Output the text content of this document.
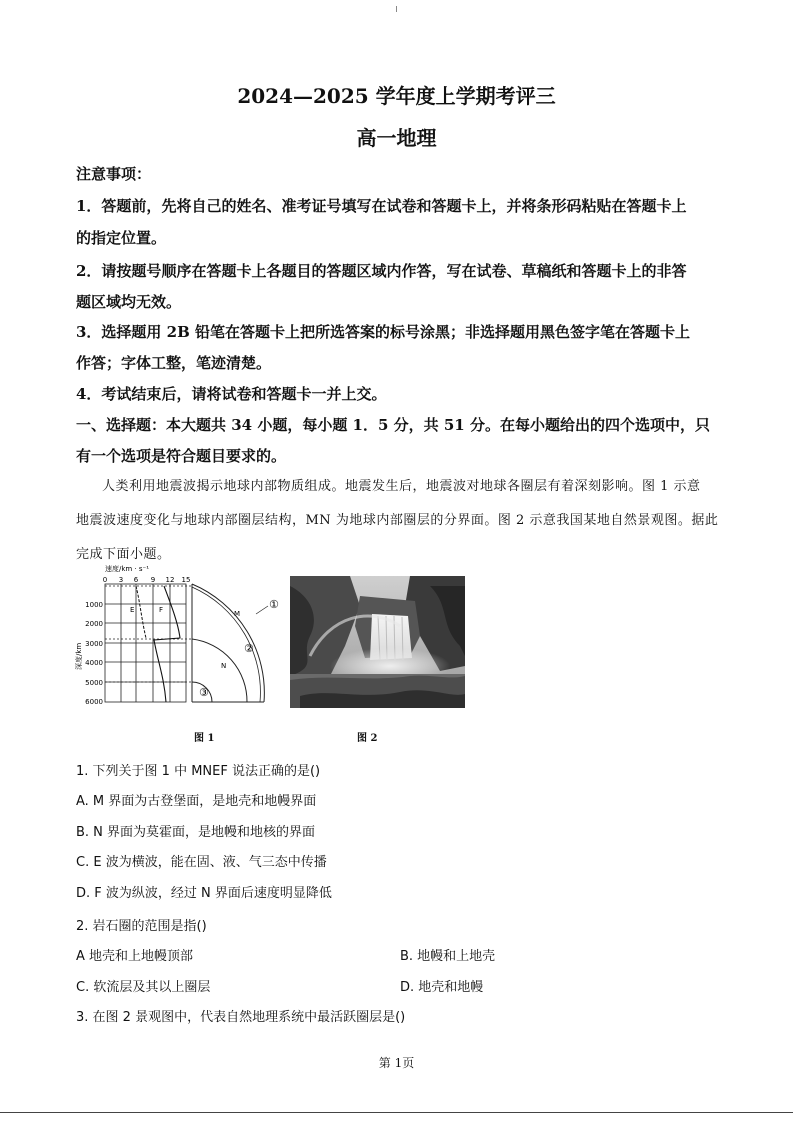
2024—2025 学年度上学期考评三
高一地理
注意事项：
1．答题前，先将自己的姓名、准考证号填写在试卷和答题卡上，并将条形码粘贴在答题卡上
的指定位置。
2．请按题号顺序在答题卡上各题目的答题区域内作答，写在试卷、草稿纸和答题卡上的非答
题区域均无效。
3．选择题用 2B 铅笔在答题卡上把所选答案的标号涂黑；非选择题用黑色签字笔在答题卡上
作答；字体工整，笔迹清楚。
4．考试结束后，请将试卷和答题卡一并上交。
一、选择题：本大题共 34 小题，每小题 1．5 分，共 51 分。在每小题给出的四个选项中，只
有一个选项是符合题目要求的。
人类利用地震波揭示地球内部物质组成。地震发生后，地震波对地球各圈层有着深刻影响。图 1 示意
地震波速度变化与地球内部圈层结构，MN 为地球内部圈层的分界面。图 2 示意我国某地自然景观图。据此
完成下面小题。
速度/km · s⁻¹
0 3 6 9 12 15
1000
2000
3000
4000
5000
6000
深度/km
E	F	M
N
①
②
③
图 1	图 2
1. 下列关于图 1 中 MNEF 说法正确的是()
A. M 界面为古登堡面，是地壳和地幔界面
B. N 界面为莫霍面，是地幔和地核的界面
C. E 波为横波，能在固、液、气三态中传播
D. F 波为纵波，经过 N 界面后速度明显降低
2. 岩石圈的范围是指()
A 地壳和上地幔顶部	B. 地幔和上地壳
C. 软流层及其以上圈层	D. 地壳和地幔
3. 在图 2 景观图中，代表自然地理系统中最活跃圈层是()
第 1页
